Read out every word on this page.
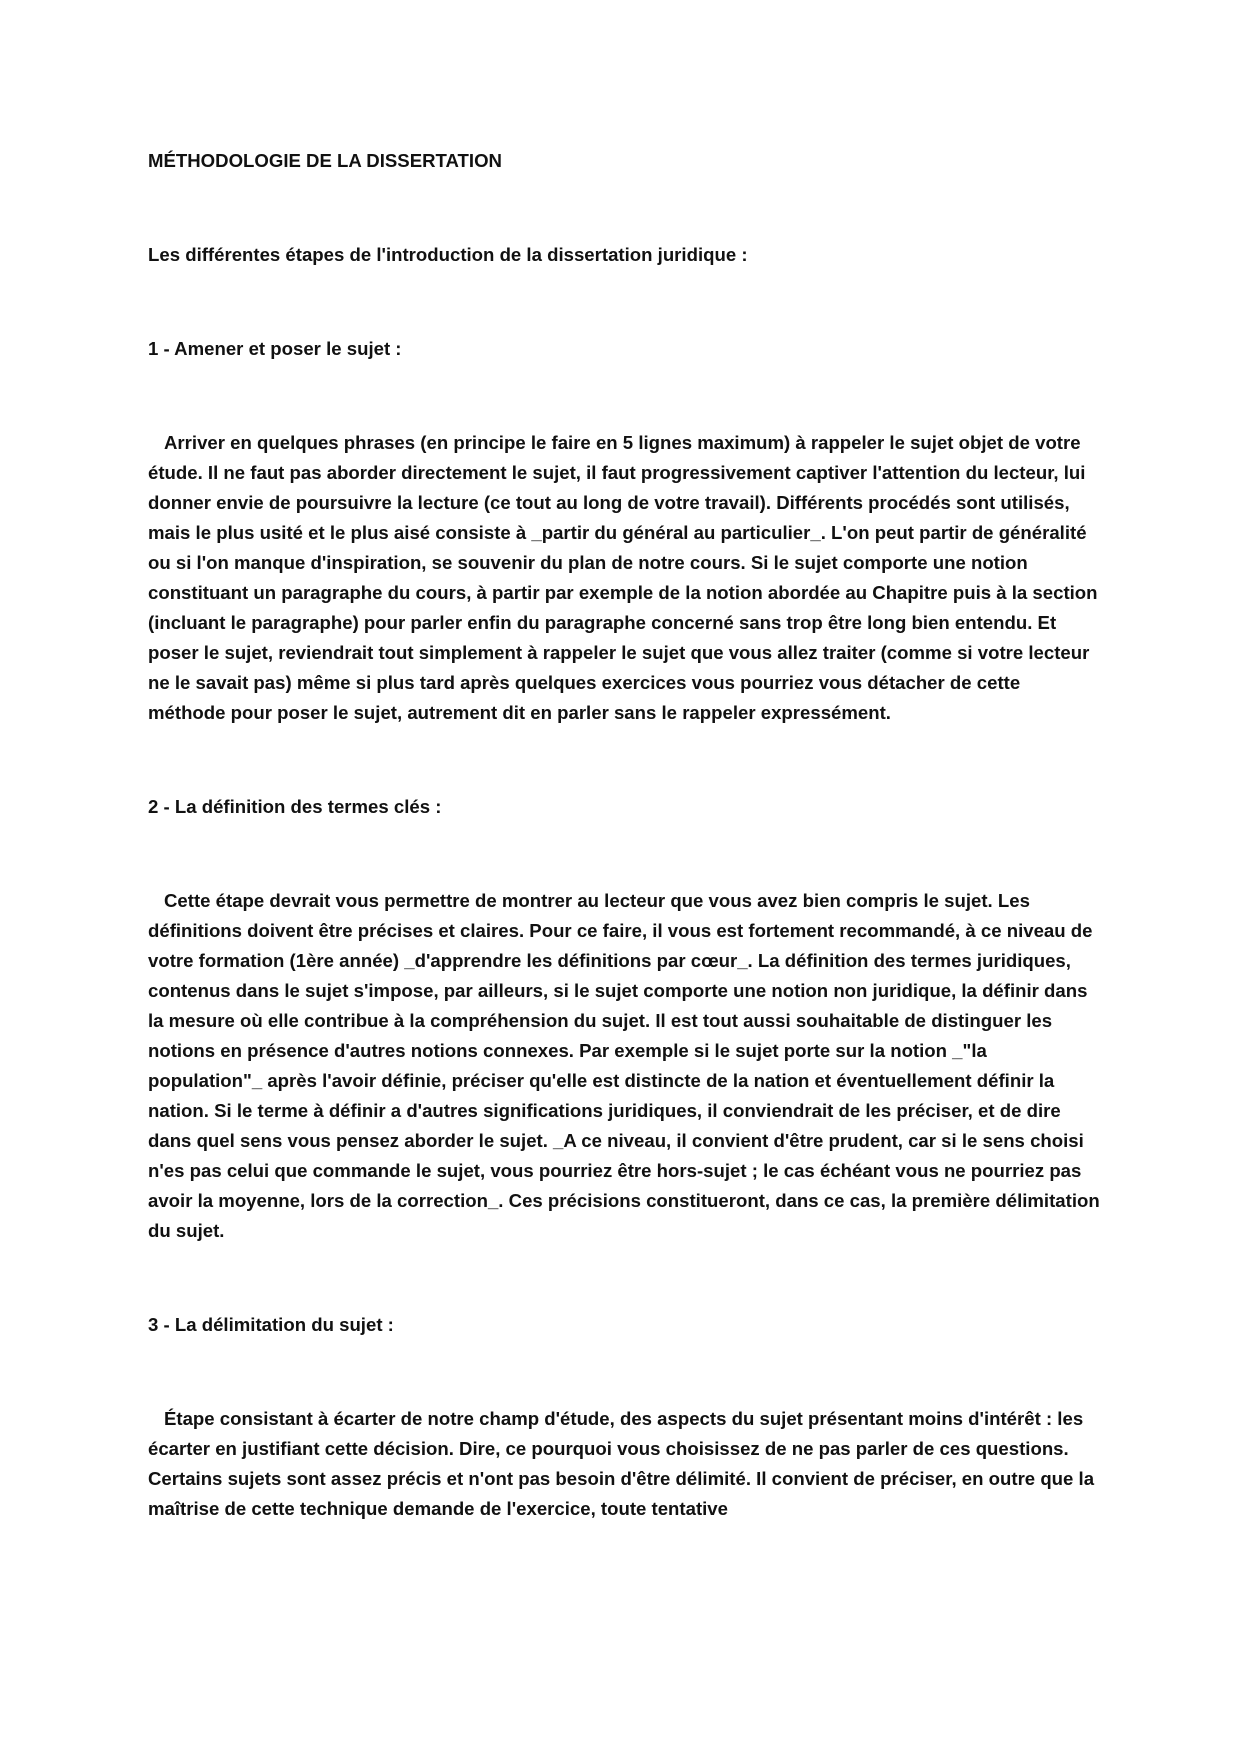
MÉTHODOLOGIE DE LA DISSERTATION

Les différentes étapes de l'introduction de la dissertation juridique :

1 - Amener et poser le sujet :

Arriver en quelques phrases (en principe le faire en 5 lignes maximum) à rappeler le sujet objet de votre étude. Il ne faut pas aborder directement le sujet, il faut progressivement captiver l'attention du lecteur, lui donner envie de poursuivre la lecture (ce tout au long de votre travail). Différents procédés sont utilisés, mais le plus usité et le plus aisé consiste à _partir du général au particulier_. L'on peut partir de généralité ou si l'on manque d'inspiration, se souvenir du plan de notre cours. Si le sujet comporte une notion constituant un paragraphe du cours, à partir par exemple de la notion abordée au Chapitre puis à la section (incluant le paragraphe) pour parler enfin du paragraphe concerné sans trop être long bien entendu. Et poser le sujet, reviendrait tout simplement à rappeler le sujet que vous allez traiter (comme si votre lecteur ne le savait pas) même si plus tard après quelques exercices vous pourriez vous détacher de cette méthode pour poser le sujet, autrement dit en parler sans le rappeler expressément.

2 - La définition des termes clés :

Cette étape devrait vous permettre de montrer au lecteur que vous avez bien compris le sujet. Les définitions doivent être précises et claires. Pour ce faire, il vous est fortement recommandé, à ce niveau de votre formation (1ère année) _d'apprendre les définitions par cœur_. La définition des termes juridiques, contenus dans le sujet s'impose, par ailleurs, si le sujet comporte une notion non juridique, la définir dans la mesure où elle contribue à la compréhension du sujet. Il est tout aussi souhaitable de distinguer les notions en présence d'autres notions connexes. Par exemple si le sujet porte sur la notion _"la population"_ après l'avoir définie, préciser qu'elle est distincte de la nation et éventuellement définir la nation. Si le terme à définir a d'autres significations juridiques, il conviendrait de les préciser, et de dire dans quel sens vous pensez aborder le sujet. _A ce niveau, il convient d'être prudent, car si le sens choisi n'es pas celui que commande le sujet, vous pourriez être hors-sujet ; le cas échéant vous ne pourriez pas avoir la moyenne, lors de la correction_. Ces précisions constitueront, dans ce cas, la première délimitation du sujet.

3 - La délimitation du sujet :

Étape consistant à écarter de notre champ d'étude, des aspects du sujet présentant moins d'intérêt : les écarter en justifiant cette décision. Dire, ce pourquoi vous choisissez de ne pas parler de ces questions. Certains sujets sont assez précis et n'ont pas besoin d'être délimité. Il convient de préciser, en outre que la maîtrise de cette technique demande de l'exercice, toute tentative
